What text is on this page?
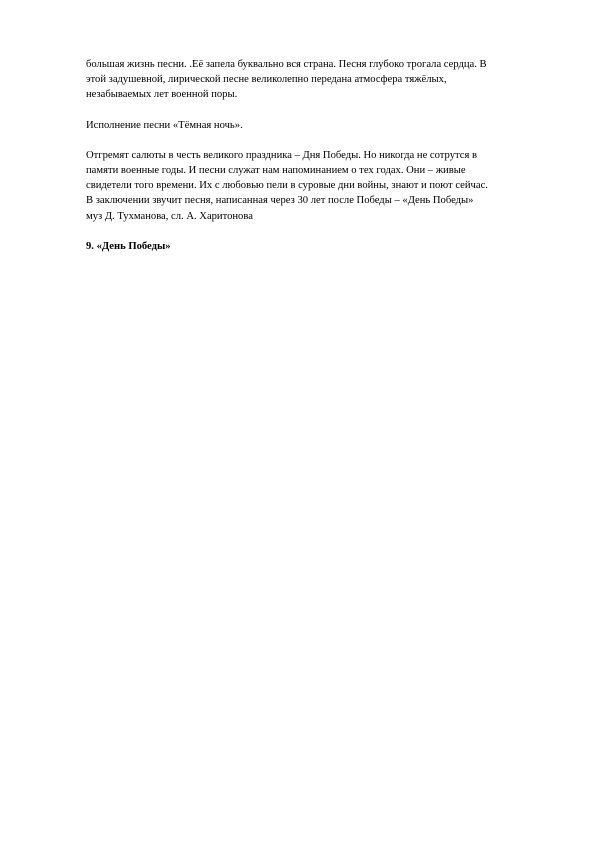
большая жизнь песни. .Её запела буквально вся страна. Песня глубоко трогала сердца. В
этой задушевной, лирической песне великолепно передана атмосфера тяжёлых,
незабываемых лет военной поры.

Исполнение песни «Тёмная ночь».

Отгремят салюты в честь великого праздника – Дня Победы. Но никогда не сотрутся в
памяти военные годы. И песни служат нам напоминанием о тех годах. Они – живые
свидетели того времени. Их с любовью пели в суровые дни войны, знают и поют сейчас.
В заключении звучит песня, написанная через 30 лет после Победы – «День Победы»
муз Д. Тухманова, сл. А. Харитонова

9. «День Победы»
